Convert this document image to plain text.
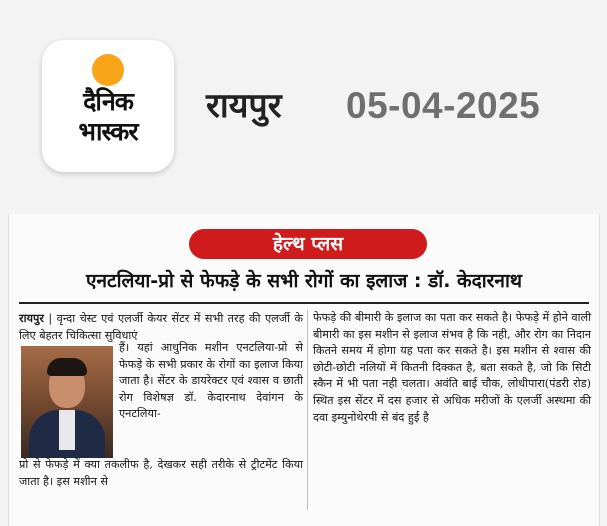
दैनिक
भास्कर
रायपुर 05-04-2025
हेल्थ प्लस
एनटलिया-प्रो से फेफड़े के सभी रोगों का इलाज : डॉ. केदारनाथ

रायपुर | वृन्दा चेस्ट एवं एलर्जी केयर सेंटर में सभी तरह की एलर्जी के लिए बेहतर चिकित्सा सुविधाएं

हैं। यहां आधुनिक मशीन एनटलिया-प्रो से फेफड़े के सभी प्रकार के रोगों का इलाज किया जाता है। सेंटर के डायरेक्टर एवं श्वास व छाती रोग विशेषज्ञ डॉ. केदारनाथ देवांगन के एनटलिया-

प्रो से फेफड़े में क्या तकलीफ है, देखकर सही तरीके से ट्रीटमेंट किया जाता है। इस मशीन से

फेफड़े की बीमारी के इलाज का पता कर सकते है। फेफड़े में होने वाली बीमारी का इस मशीन से इलाज संभव है कि नही, और रोग का निदान कितने समय में होगा यह पता कर सकते है। इस मशीन से श्वास की छोटी-छोटी नलियों में कितनी दिक्कत है, बता सकते है, जो कि सिटी स्कैन में भी पता नही चलता। अवंति बाई चौक, लोधीपारा(पंडरी रोड) स्थित इस सेंटर में दस हजार से अधिक मरीजों के एलर्जी अस्थमा की दवा इम्युनोथेरपी से बंद हुई है
